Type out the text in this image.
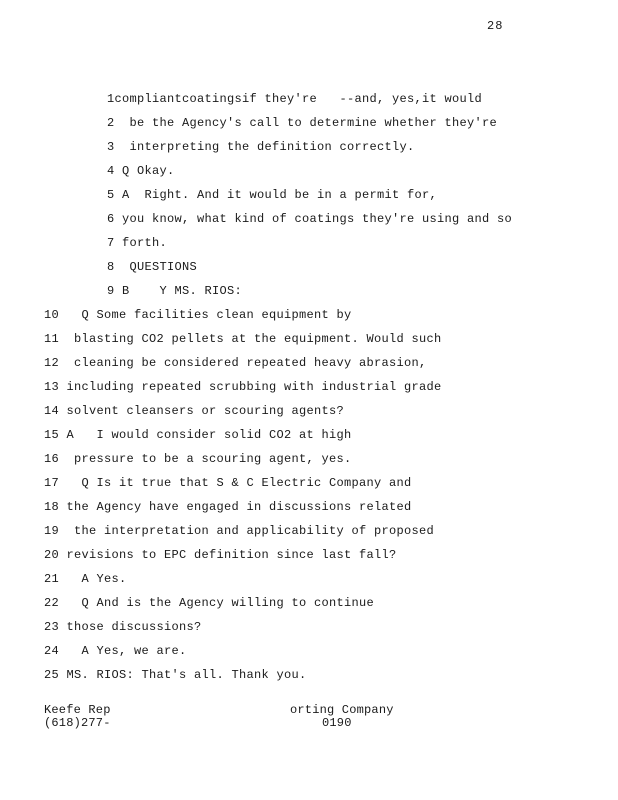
28
1compliantcoatingsif they're   --and, yes,it would
2  be the Agency's call to determine whether they're
3  interpreting the definition correctly.
4 Q Okay.
5 A  Right. And it would be in a permit for,
6 you know, what kind of coatings they're using and so
7 forth.
8  QUESTIONS
9 B    Y MS. RIOS:
10   Q Some facilities clean equipment by
11  blasting CO2 pellets at the equipment. Would such
12  cleaning be considered repeated heavy abrasion,
13 including repeated scrubbing with industrial grade
14 solvent cleansers or scouring agents?
15 A   I would consider solid CO2 at high
16  pressure to be a scouring agent, yes.
17   Q Is it true that S & C Electric Company and
18 the Agency have engaged in discussions related
19  the interpretation and applicability of proposed
20 revisions to EPC definition since last fall?
21   A Yes.
22   Q And is the Agency willing to continue
23 those discussions?
24   A Yes, we are.
25 MS. RIOS: That's all. Thank you.
Keefe Rep	orting Company
(618)277-	0190
